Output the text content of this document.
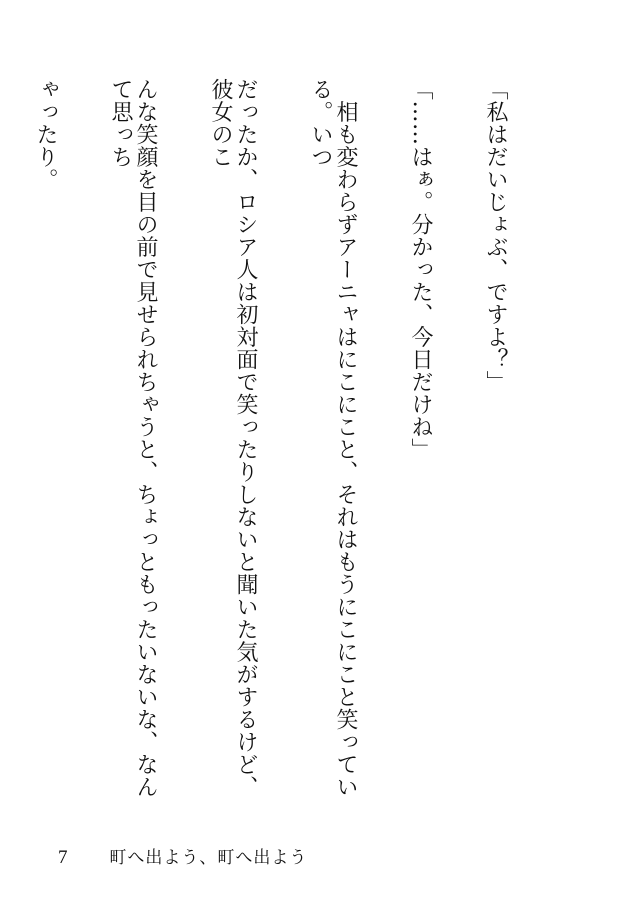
「私はだいじょぶ、ですよ？」

「……はぁ。分かった、今日だけね」

　相も変わらずアーニャはにこにこと、それはもうにこにこと笑っている。いつ

だったか、ロシア人は初対面で笑ったりしないと聞いた気がするけど、彼女のこ

んな笑顔を目の前で見せられちゃうと、ちょっともったいないな、なんて思っち

ゃったり。

7 町へ出よう、町へ出よう
